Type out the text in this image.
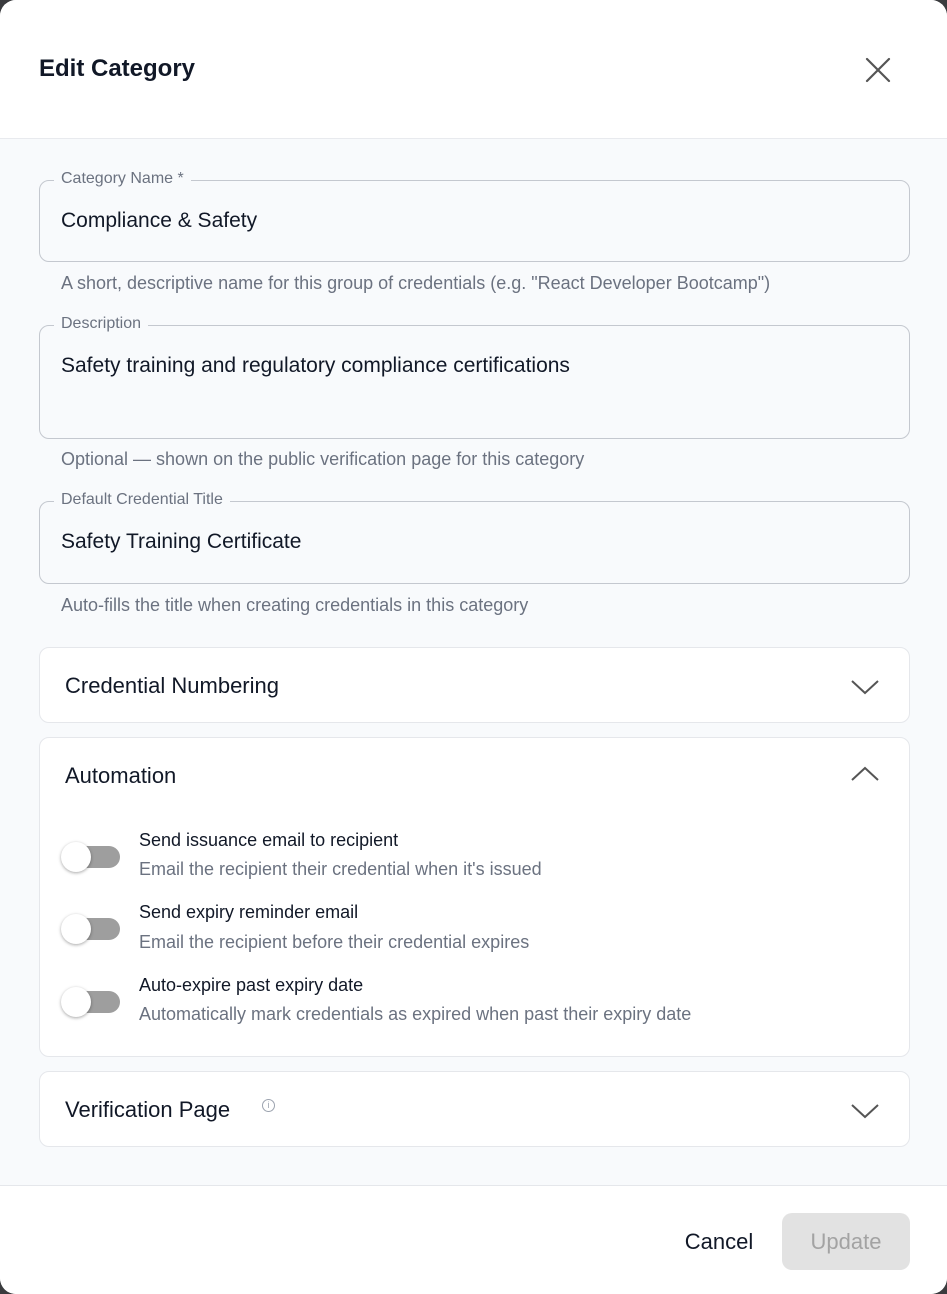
Edit Category
Category Name *
Compliance & Safety
A short, descriptive name for this group of credentials (e.g. "React Developer Bootcamp")
Description
Safety training and regulatory compliance certifications
Optional — shown on the public verification page for this category
Default Credential Title
Safety Training Certificate
Auto-fills the title when creating credentials in this category
Credential Numbering
Automation
Send issuance email to recipient
Email the recipient their credential when it's issued
Send expiry reminder email
Email the recipient before their credential expires
Auto-expire past expiry date
Automatically mark credentials as expired when past their expiry date
Verification Page	i
Cancel	Update
